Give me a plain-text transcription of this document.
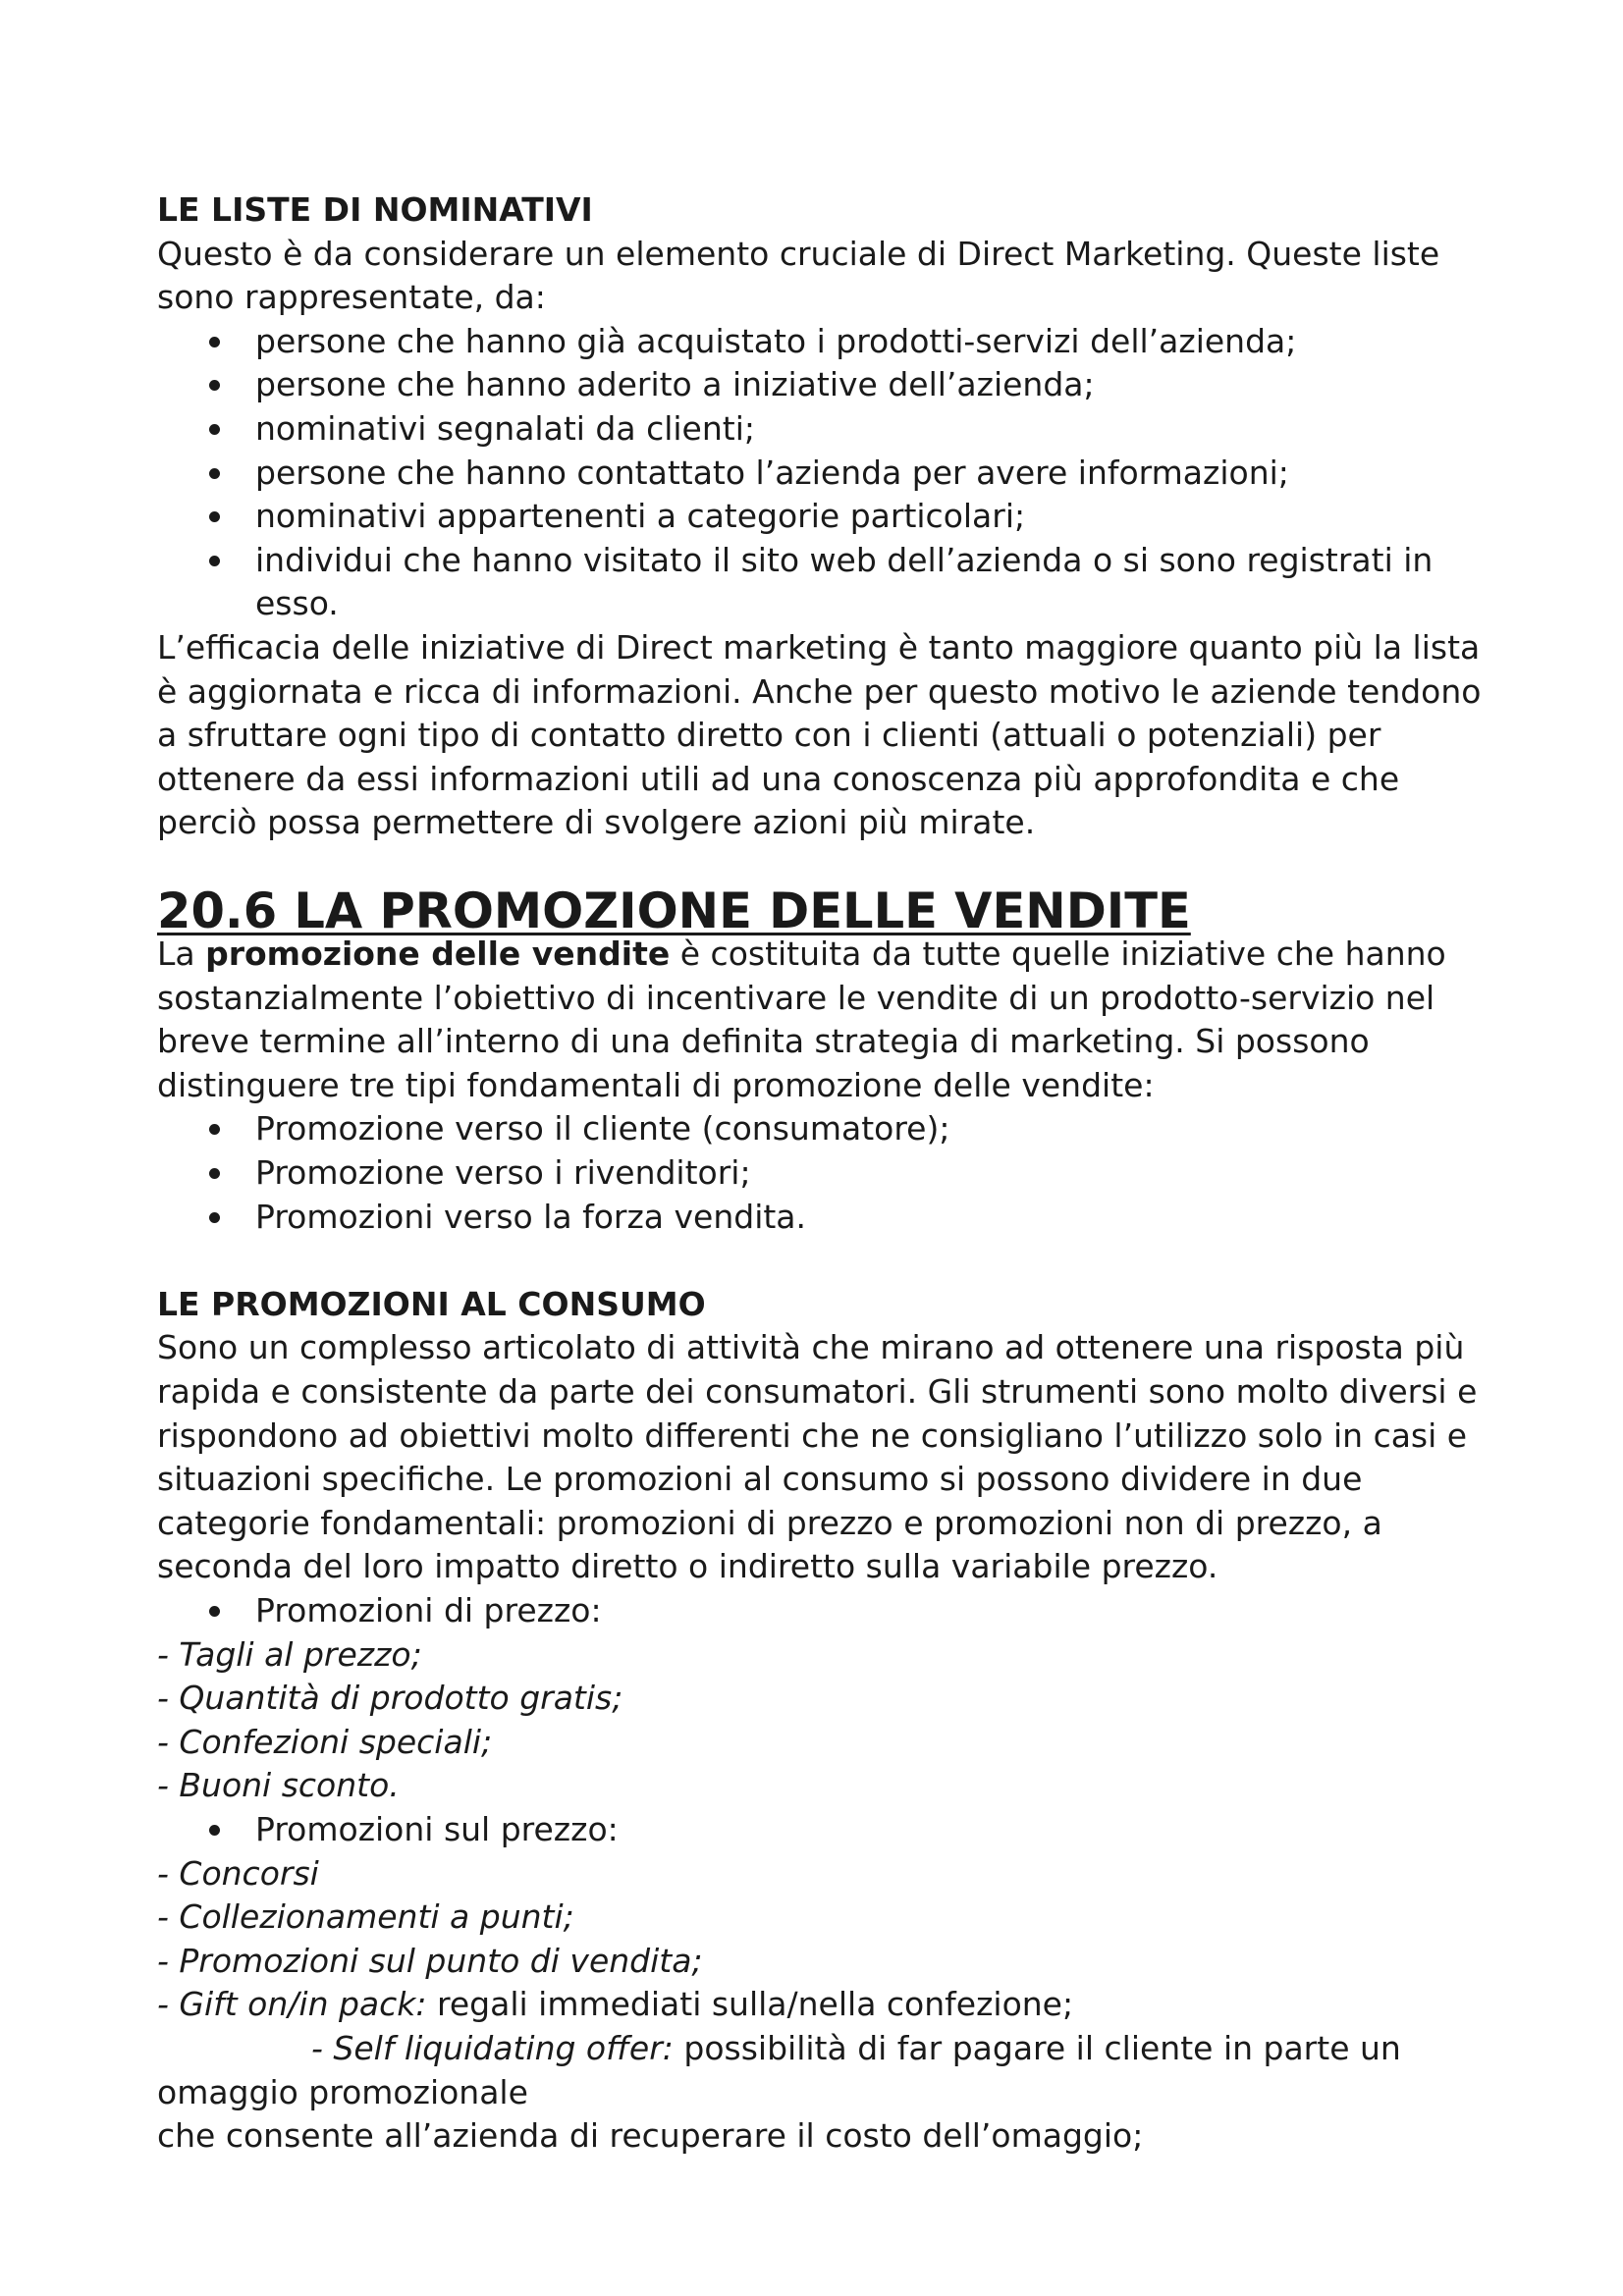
LE LISTE DI NOMINATIVI

Questo è da considerare un elemento cruciale di Direct Marketing. Queste liste sono rappresentate, da:

persone che hanno già acquistato i prodotti-servizi dell’azienda;
persone che hanno aderito a iniziative dell’azienda;
nominativi segnalati da clienti;
persone che hanno contattato l’azienda per avere informazioni;
nominativi appartenenti a categorie particolari;
individui che hanno visitato il sito web dell’azienda o si sono registrati in esso.

L’efficacia delle iniziative di Direct marketing è tanto maggiore quanto più la lista è aggiornata e ricca di informazioni. Anche per questo motivo le aziende tendono a sfruttare ogni tipo di contatto diretto con i clienti (attuali o potenziali) per ottenere da essi informazioni utili ad una conoscenza più approfondita e che perciò possa permettere di svolgere azioni più mirate.

20.6 LA PROMOZIONE DELLE VENDITE

La promozione delle vendite è costituita da tutte quelle iniziative che hanno sostanzialmente l’obiettivo di incentivare le vendite di un prodotto-servizio nel breve termine all’interno di una definita strategia di marketing. Si possono distinguere tre tipi fondamentali di promozione delle vendite:

Promozione verso il cliente (consumatore);
Promozione verso i rivenditori;
Promozioni verso la forza vendita.
LE PROMOZIONI AL CONSUMO

Sono un complesso articolato di attività che mirano ad ottenere una risposta più rapida e consistente da parte dei consumatori. Gli strumenti sono molto diversi e rispondono ad obiettivi molto differenti che ne consigliano l’utilizzo solo in casi e situazioni specifiche. Le promozioni al consumo si possono dividere in due categorie fondamentali: promozioni di prezzo e promozioni non di prezzo, a seconda del loro impatto diretto o indiretto sulla variabile prezzo.

Promozioni di prezzo:

- Tagli al prezzo;

- Quantità di prodotto gratis;

- Confezioni speciali;

- Buoni sconto.

Promozioni sul prezzo:

- Concorsi

- Collezionamenti a punti;

- Promozioni sul punto di vendita;

- Gift on/in pack: regali immediati sulla/nella confezione;

- Self liquidating offer: possibilità di far pagare il cliente in parte un omaggio promozionale

che consente all’azienda di recuperare il costo dell’omaggio;
